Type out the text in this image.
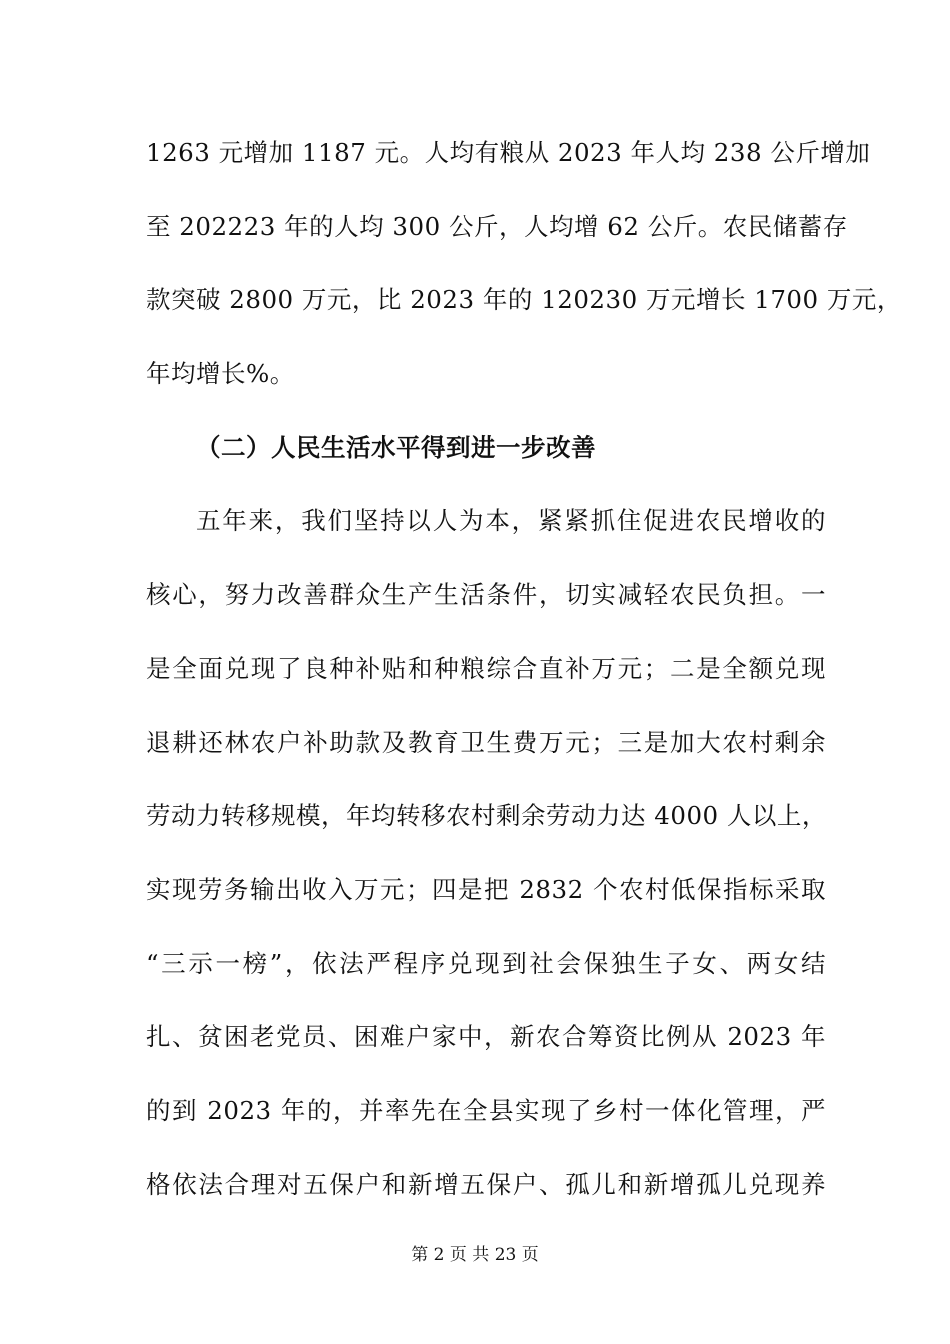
1263 元增加 1187 元。人均有粮从 2023 年人均 238 公斤增加
至 202223 年的人均 300 公斤，人均增 62 公斤。农民储蓄存
款突破 2800 万元，比 2023 年的 120230 万元增长 1700 万元，
年均增长%。
（二）人民生活水平得到进一步改善
五年来，我们坚持以人为本，紧紧抓住促进农民增收的
核心，努力改善群众生产生活条件，切实减轻农民负担。一
是全面兑现了良种补贴和种粮综合直补万元；二是全额兑现
退耕还林农户补助款及教育卫生费万元；三是加大农村剩余
劳动力转移规模，年均转移农村剩余劳动力达 4000 人以上，
实现劳务输出收入万元；四是把 2832 个农村低保指标采取
“三示一榜”，依法严程序兑现到社会保独生子女、两女结
扎、贫困老党员、困难户家中，新农合筹资比例从 2023 年
的到 2023 年的，并率先在全县实现了乡村一体化管理，严
格依法合理对五保户和新增五保户、孤儿和新增孤儿兑现养
第 2 页 共 23 页
